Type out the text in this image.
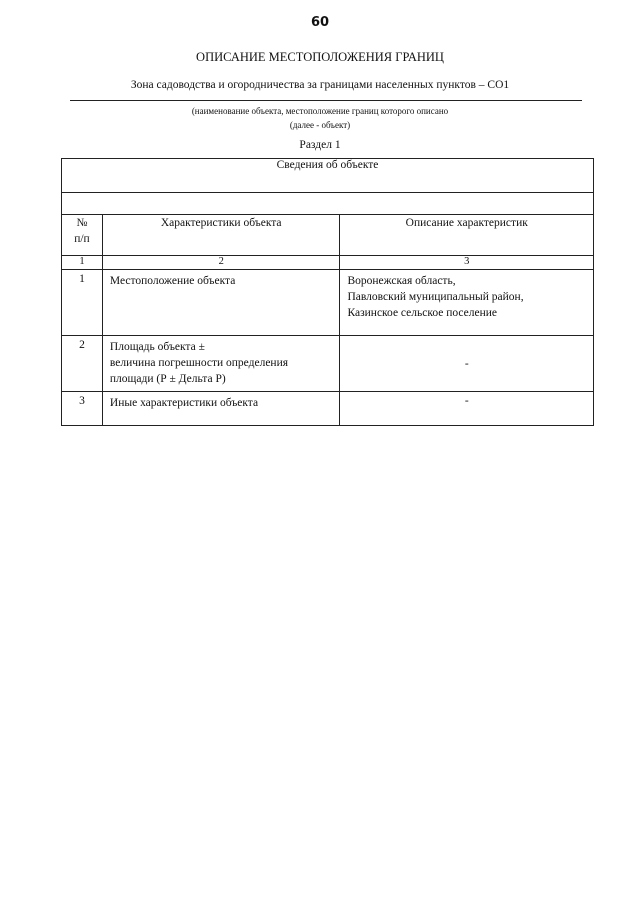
60
ОПИСАНИЕ МЕСТОПОЛОЖЕНИЯ ГРАНИЦ
Зона садоводства и огородничества за границами населенных пунктов – СО1
(наименование объекта, местоположение границ которого описано
(далее - объект)
Раздел 1
Сведения об объекте		

№
п/п	Характеристики объекта	Описание характеристик
1	2	3
1	Местоположение объекта	Воронежская область,
Павловский муниципальный район,
Казинское сельское поселение

2	Площадь объекта ±
величина погрешности определения
площади (Р ± Дельта Р)	-
3	Иные характеристики объекта	-
